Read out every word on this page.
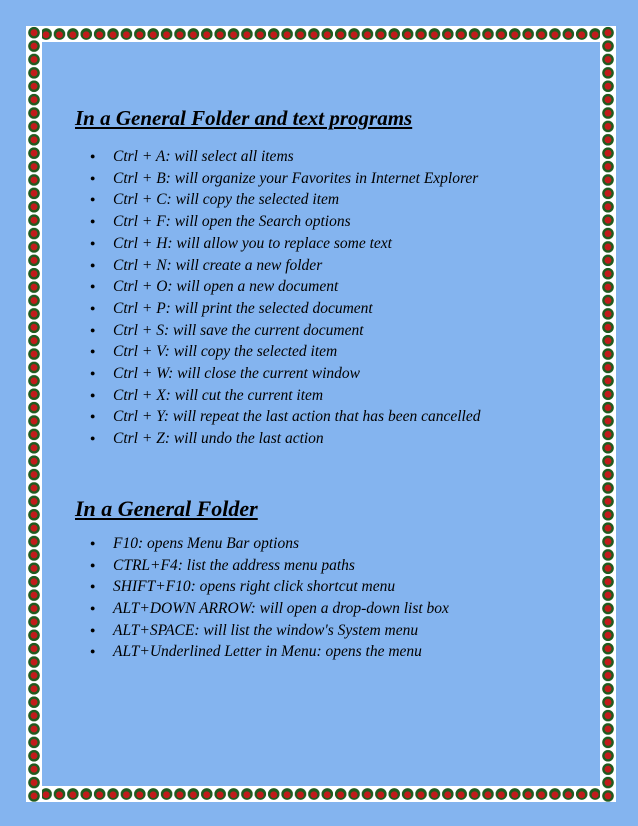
In a General Folder and text programs
● Ctrl + A: will select all items
● Ctrl + B: will organize your Favorites in Internet Explorer
● Ctrl + C: will copy the selected item
● Ctrl + F: will open the Search options
● Ctrl + H: will allow you to replace some text
● Ctrl + N: will create a new folder
● Ctrl + O: will open a new document
● Ctrl + P: will print the selected document
● Ctrl + S: will save the current document
● Ctrl + V: will copy the selected item
● Ctrl + W: will close the current window
● Ctrl + X: will cut the current item
● Ctrl + Y: will repeat the last action that has been cancelled
● Ctrl + Z: will undo the last action
In a General Folder
● F10: opens Menu Bar options
● CTRL+F4: list the address menu paths
● SHIFT+F10: opens right click shortcut menu
● ALT+DOWN ARROW: will open a drop-down list box
● ALT+SPACE: will list the window's System menu
● ALT+Underlined Letter in Menu: opens the menu
